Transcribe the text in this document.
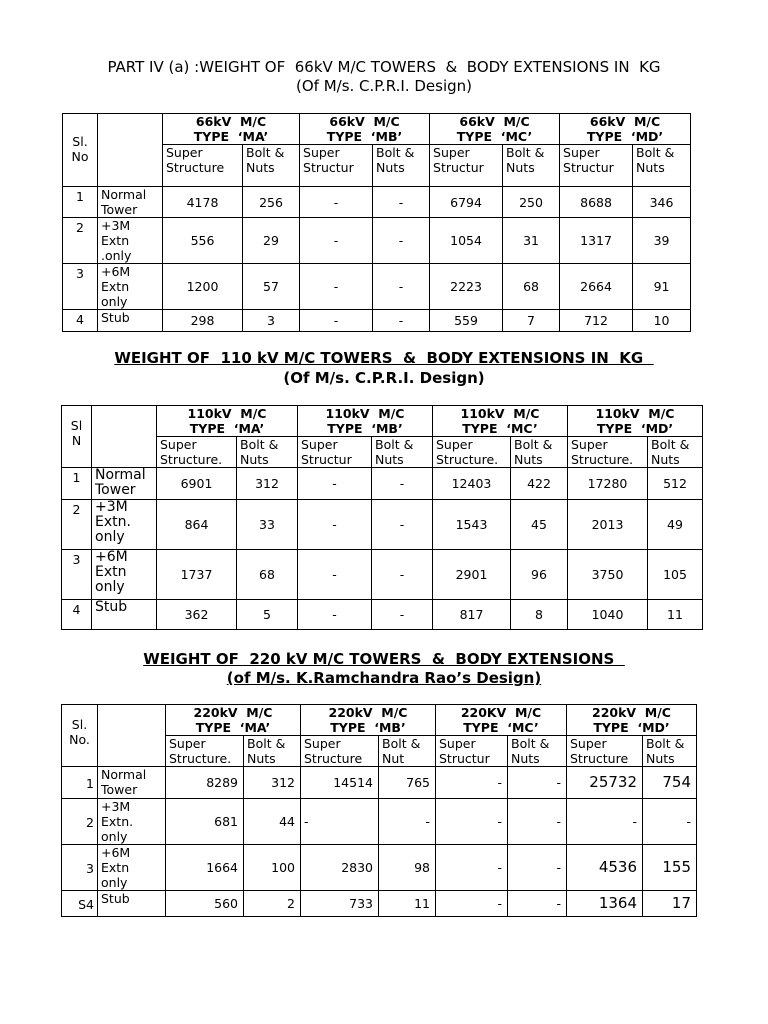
PART IV (a) :WEIGHT OF  66kV M/C TOWERS  &  BODY EXTENSIONS IN  KG
(Of M/s. C.P.R.I. Design)
Sl.
No		66kV  M/C
TYPE  ‘MA’		66kV  M/C
TYPE  ‘MB’		66kV  M/C
TYPE  ‘MC’		66kV  M/C
TYPE  ‘MD’	
		Super Structure	Bolt & Nuts	Super Structur	Bolt & Nuts	Super Structur	Bolt & Nuts	Super Structur	Bolt & Nuts
1	Normal Tower	4178	256	-	-	6794	250	8688	346
2	+3M
Extn
.only	556	29	-	-	1054	31	1317	39
3	+6M
Extn
only	1200	57	-	-	2223	68	2664	91
4	Stub	298	3	-	-	559	7	712	10
WEIGHT OF  110 kV M/C TOWERS  &  BODY EXTENSIONS IN  KG
(Of M/s. C.P.R.I. Design)
Sl
N		110kV  M/C
TYPE  ‘MA’		110kV  M/C
TYPE  ‘MB’		110kV  M/C
TYPE  ‘MC’		110kV  M/C
TYPE  ‘MD’	
		Super Structure.	Bolt & Nuts	Super Structur	Bolt & Nuts	Super Structure.	Bolt & Nuts	Super Structure.	Bolt & Nuts
1	Normal Tower	6901	312	-	-	12403	422	17280	512
2	+3M
Extn.
only	864	33	-	-	1543	45	2013	49
3	+6M
Extn
only	1737	68	-	-	2901	96	3750	105
4	Stub	362	5	-	-	817	8	1040	11
WEIGHT OF  220 kV M/C TOWERS  &  BODY EXTENSIONS
(of M/s. K.Ramchandra Rao’s Design)
Sl.
No.		220kV  M/C
TYPE  ‘MA’		220kV  M/C
TYPE  ‘MB’		220KV  M/C
TYPE  ‘MC’		220kV  M/C
TYPE  ‘MD’	
		Super Structure.	Bolt & Nuts	Super Structure	Bolt & Nut	Super Structur	Bolt & Nuts	Super Structure	Bolt & Nuts
1	Normal Tower	8289	312	14514	765	-	-	25732	754
2	+3M
Extn.
only	681	44	-	-	-	-	-	-
3	+6M
Extn
only	1664	100	2830	98	-	-	4536	155
S4	Stub	560	2	733	11	-	-	1364	17
